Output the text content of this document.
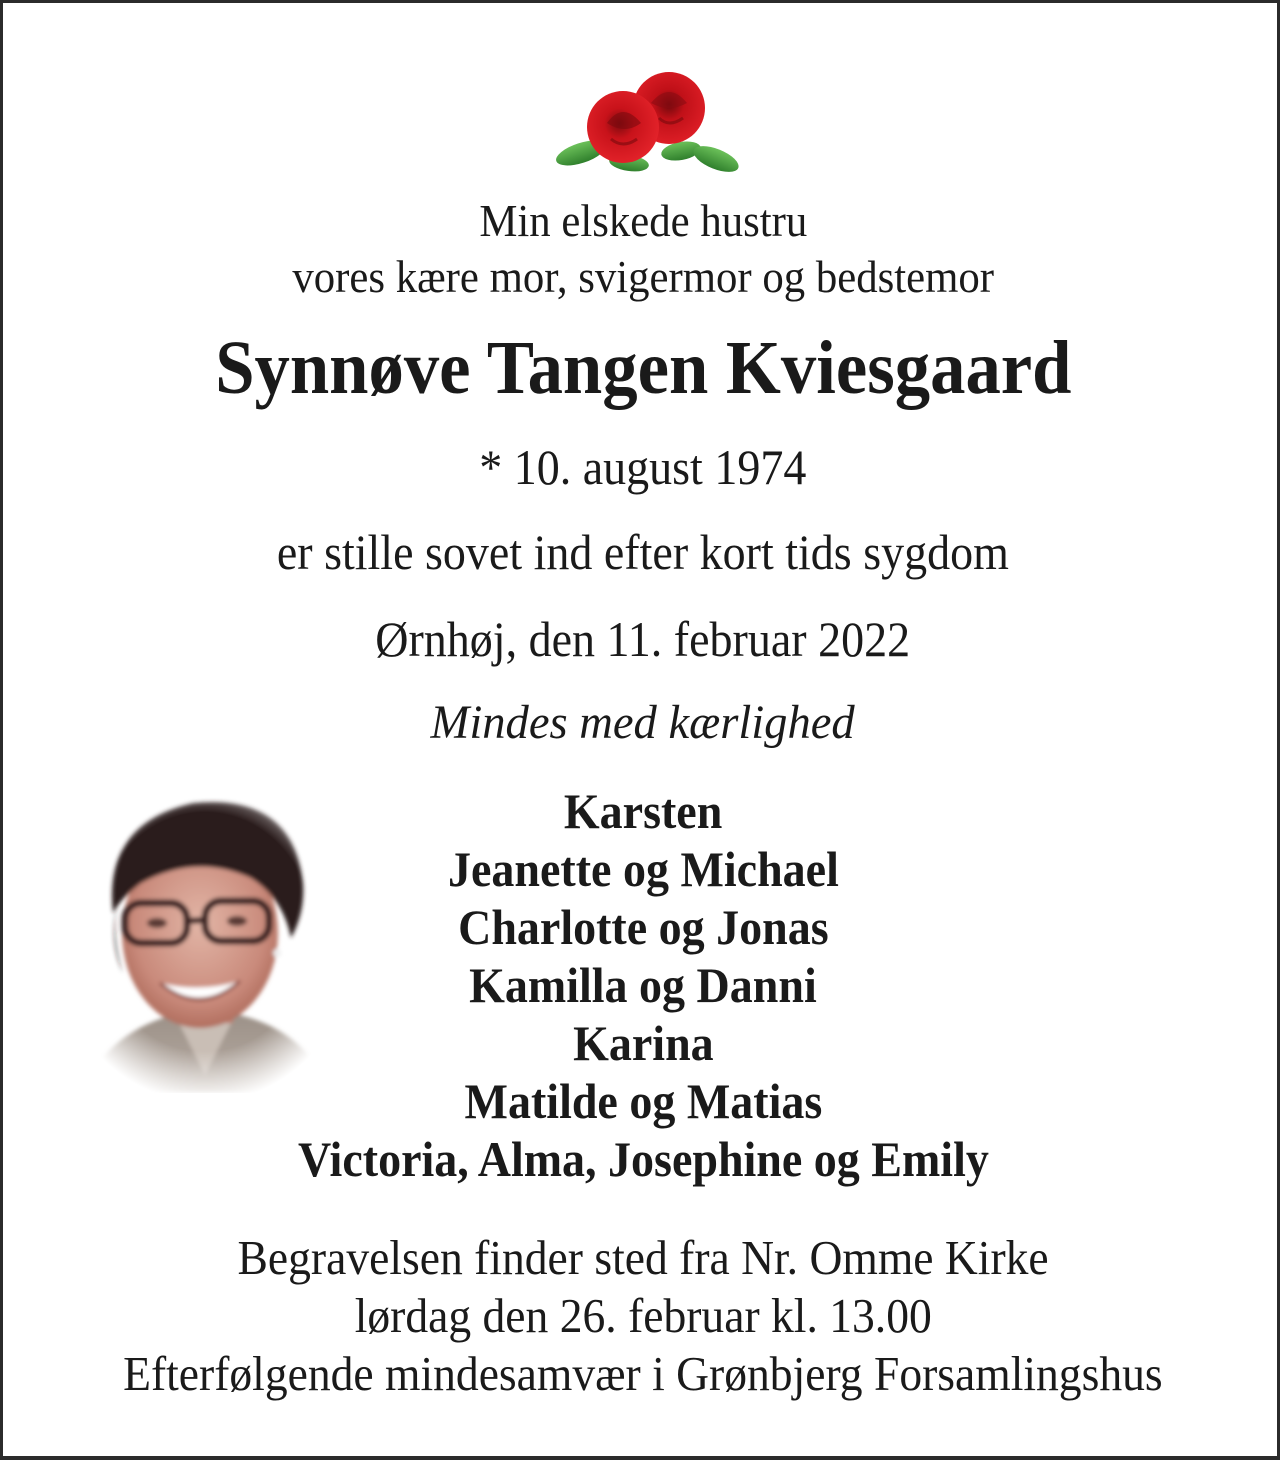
Min elskede hustru
vores kære mor, svigermor og bedstemor
Synnøve Tangen Kviesgaard
* 10. august 1974
er stille sovet ind efter kort tids sygdom
Ørnhøj, den 11. februar 2022
Mindes med kærlighed
Karsten
Jeanette og Michael
Charlotte og Jonas
Kamilla og Danni
Karina
Matilde og Matias
Victoria, Alma, Josephine og Emily
Begravelsen finder sted fra Nr. Omme Kirke
lørdag den 26. februar kl. 13.00
Efterfølgende mindesamvær i Grønbjerg Forsamlingshus
